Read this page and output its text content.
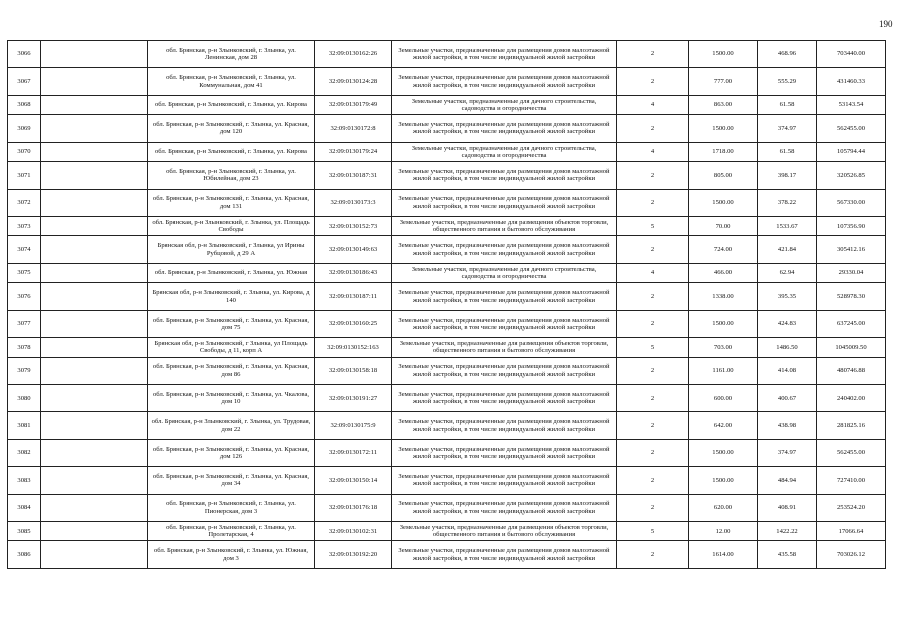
190
3066		обл. Брянская, р-н Злынковский, г. Злынка, ул. Ленинская, дом 28	32:09:0130162:26	Земельные участки, предназначенные для размещения домов малоэтажной жилой застройки, в том числе индивидуальной жилой застройки	2	1500.00	468.96	703440.00
3067		обл. Брянская, р-н Злынковский, г. Злынка, ул. Коммунальная, дом 41	32:09:0130124:28	Земельные участки, предназначенные для размещения домов малоэтажной жилой застройки, в том числе индивидуальной жилой застройки	2	777.00	555.29	431460.33
3068		обл. Брянская, р-н Злынковский, г. Злынка, ул. Кирова	32:09:0130179:49	Земельные участки, предназначенные для дачного строительства, садоводства и огородничества	4	863.00	61.58	53143.54
3069		обл. Брянская, р-н Злынковский, г. Злынка, ул. Красная, дом 120	32:09:0130172:8	Земельные участки, предназначенные для размещения домов малоэтажной жилой застройки, в том числе индивидуальной жилой застройки	2	1500.00	374.97	562455.00
3070		обл. Брянская, р-н Злынковский, г. Злынка, ул. Кирова	32:09:0130179:24	Земельные участки, предназначенные для дачного строительства, садоводства и огородничества	4	1718.00	61.58	105794.44
3071		обл. Брянская, р-н Злынковский, г. Злынка, ул. Юбилейная, дом 23	32:09:0130187:31	Земельные участки, предназначенные для размещения домов малоэтажной жилой застройки, в том числе индивидуальной жилой застройки	2	805.00	398.17	320526.85
3072		обл. Брянская, р-н Злынковский, г. Злынка, ул. Красная, дом 131	32:09:0130173:3	Земельные участки, предназначенные для размещения домов малоэтажной жилой застройки, в том числе индивидуальной жилой застройки	2	1500.00	378.22	567330.00
3073		обл. Брянская, р-н Злынковский, г. Злынка, ул. Площадь Свободы	32:09:0130152:73	Земельные участки, предназначенные для размещения объектов торговли, общественного питания и бытового обслуживания	5	70.00	1533.67	107356.90
3074		Брянская обл, р-н Злынковский, г Злынка, ул Ирины Рубцовой, д 29 А	32:09:0130149:63	Земельные участки, предназначенные для размещения домов малоэтажной жилой застройки, в том числе индивидуальной жилой застройки	2	724.00	421.84	305412.16
3075		обл. Брянская, р-н Злынковский, г. Злынка, ул. Южная	32:09:0130186:43	Земельные участки, предназначенные для дачного строительства, садоводства и огородничества	4	466.00	62.94	29330.04
3076		Брянская обл, р-н Злынковский, г. Злынка, ул. Кирова, д 140	32:09:0130187:11	Земельные участки, предназначенные для размещения домов малоэтажной жилой застройки, в том числе индивидуальной жилой застройки	2	1338.00	395.35	528978.30
3077		обл. Брянская, р-н Злынковский, г. Злынка, ул. Красная, дом 75	32:09:0130160:25	Земельные участки, предназначенные для размещения домов малоэтажной жилой застройки, в том числе индивидуальной жилой застройки	2	1500.00	424.83	637245.00
3078		Брянская обл, р-н Злынковский, г Злынка, ул Площадь Свободы, д 11, корп А	32:09:0130152:163	Земельные участки, предназначенные для размещения объектов торговли, общественного питания и бытового обслуживания	5	703.00	1486.50	1045009.50
3079		обл. Брянская, р-н Злынковский, г. Злынка, ул. Красная, дом 86	32:09:0130158:18	Земельные участки, предназначенные для размещения домов малоэтажной жилой застройки, в том числе индивидуальной жилой застройки	2	1161.00	414.08	480746.88
3080		обл. Брянская, р-н Злынковский, г. Злынка, ул. Чкалова, дом 10	32:09:0130191:27	Земельные участки, предназначенные для размещения домов малоэтажной жилой застройки, в том числе индивидуальной жилой застройки	2	600.00	400.67	240402.00
3081		обл. Брянская, р-н Злынковский, г. Злынка, ул. Трудовая, дом 22	32:09:0130175:9	Земельные участки, предназначенные для размещения домов малоэтажной жилой застройки, в том числе индивидуальной жилой застройки	2	642.00	438.98	281825.16
3082		обл. Брянская, р-н Злынковский, г. Злынка, ул. Красная, дом 126	32:09:0130172:11	Земельные участки, предназначенные для размещения домов малоэтажной жилой застройки, в том числе индивидуальной жилой застройки	2	1500.00	374.97	562455.00
3083		обл. Брянская, р-н Злынковский, г. Злынка, ул. Красная, дом 34	32:09:0130150:14	Земельные участки, предназначенные для размещения домов малоэтажной жилой застройки, в том числе индивидуальной жилой застройки	2	1500.00	484.94	727410.00
3084		обл. Брянская, р-н Злынковский, г. Злынка, ул. Пионерская, дом 3	32:09:0130176:18	Земельные участки, предназначенные для размещения домов малоэтажной жилой застройки, в том числе индивидуальной жилой застройки	2	620.00	408.91	253524.20
3085		обл. Брянская, р-н Злынковский, г. Злынка, ул. Пролетарская, 4	32:09:0130102:31	Земельные участки, предназначенные для размещения объектов торговли, общественного питания и бытового обслуживания	5	12.00	1422.22	17066.64
3086		обл. Брянская, р-н Злынковский, г. Злынка, ул. Южная, дом 3	32:09:0130192:20	Земельные участки, предназначенные для размещения домов малоэтажной жилой застройки, в том числе индивидуальной жилой застройки	2	1614.00	435.58	703026.12
